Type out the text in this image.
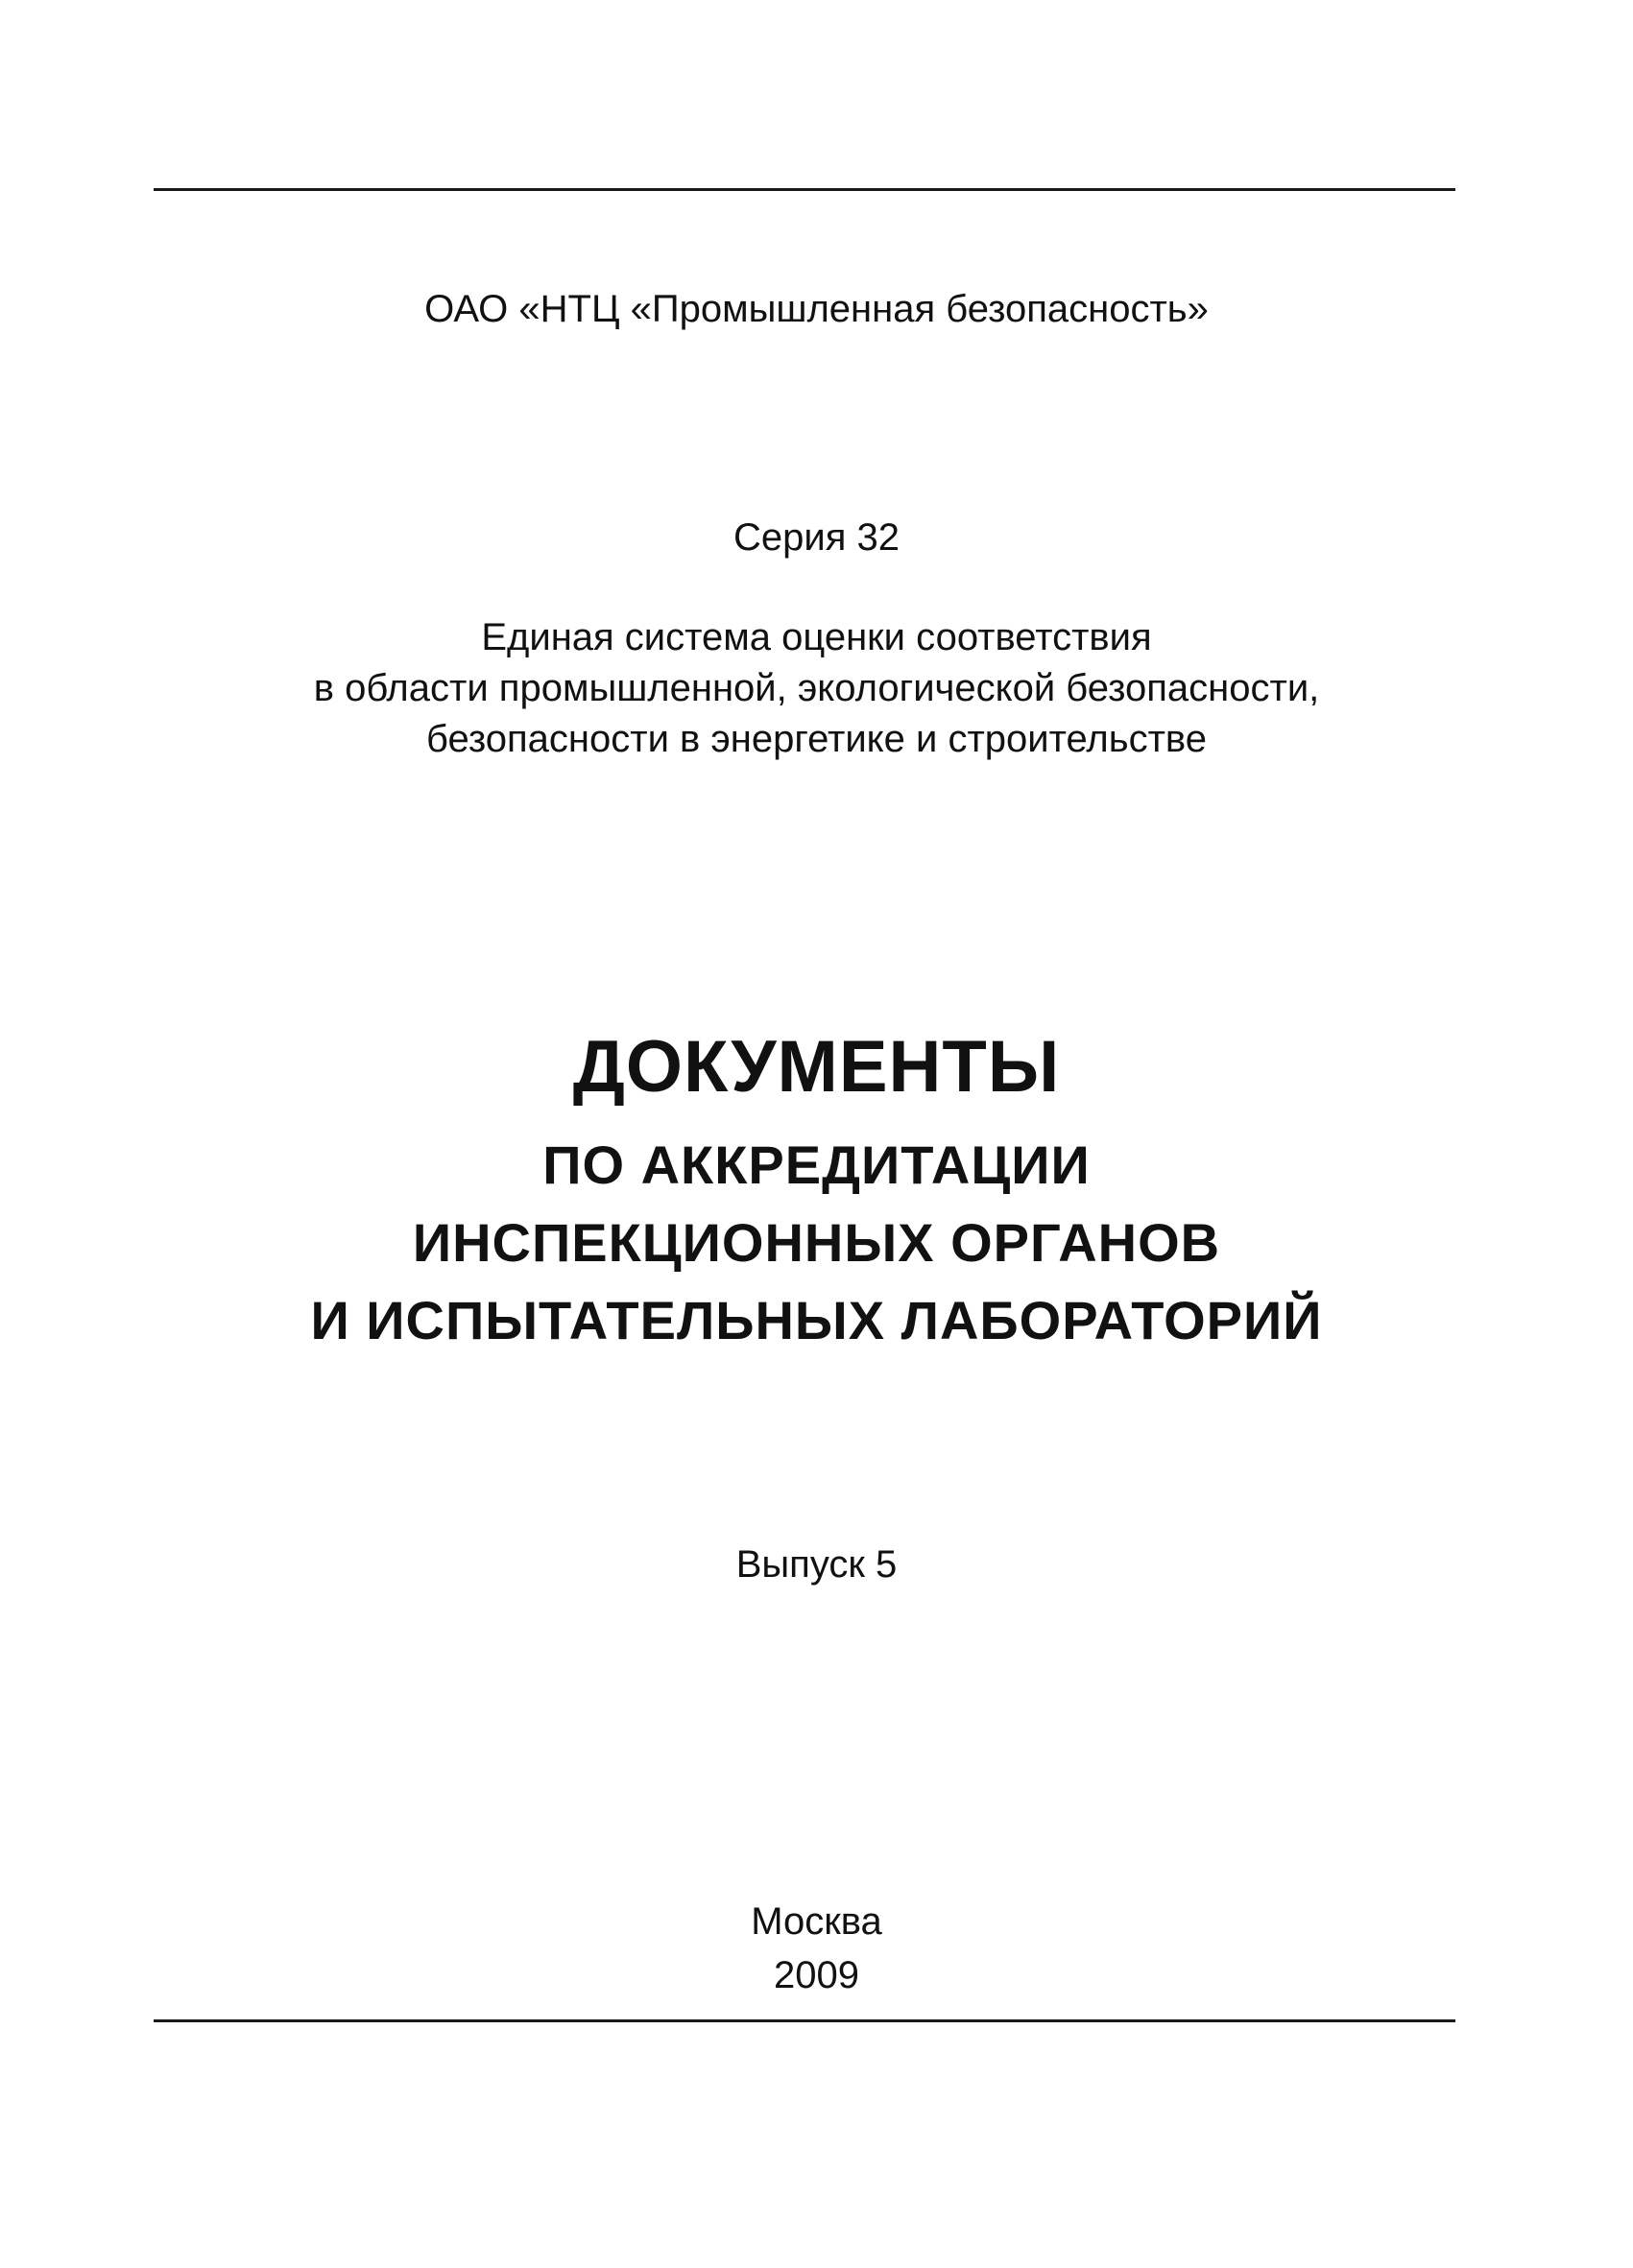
ОАО «НТЦ «Промышленная безопасность»
Серия 32
Единая система оценки соответствия
в области промышленной, экологической безопасности,
безопасности в энергетике и строительстве
ДОКУМЕНТЫ
ПО АККРЕДИТАЦИИ
ИНСПЕКЦИОННЫХ ОРГАНОВ
И ИСПЫТАТЕЛЬНЫХ ЛАБОРАТОРИЙ
Выпуск 5
Москва
2009
